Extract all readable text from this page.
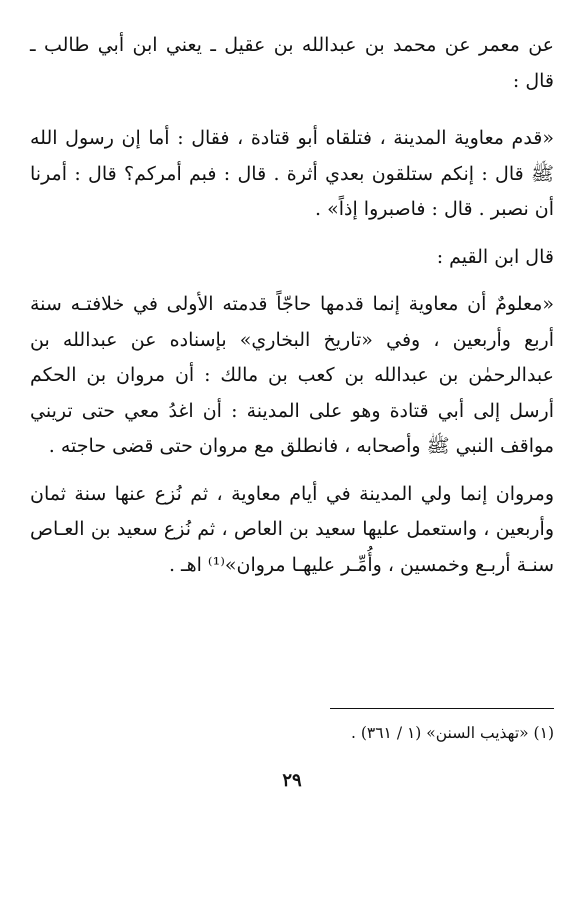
عن معمر عن محمد بن عبدالله بن عقيل ـ يعني ابن أبي طالب ـ قال :

«قدم معاوية المدينة ، فتلقاه أبو قتادة ، فقال : أما إن رسول الله ﷺ قال : إنكم ستلقون بعدي أثرة . قال : فبم أمركم؟ قال : أمرنا أن نصبر . قال : فاصبروا إذاً» .

قال ابن القيم :

«معلومٌ أن معاوية إنما قدمها حاجّاً قدمته الأولى في خلافتـه سنة أربع وأربعين ، وفي «تاريخ البخاري» بإسناده عن عبدالله بن عبدالرحمٰن بن عبدالله بن كعب بن مالك : أن مروان بن الحكم أرسل إلى أبي قتادة وهو على المدينة : أن اغدُ معي حتى تريني مواقف النبي ﷺ وأصحابه ، فانطلق مع مروان حتى قضى حاجته .

ومروان إنما ولي المدينة في أيام معاوية ، ثم نُزع عنها سنة ثمان وأربعين ، واستعمل عليها سعيد بن العاص ، ثم نُزع سعيد بن العـاص سنـة أربـع وخمسين ، وأُمِّـر عليهـا مروان»⁽¹⁾ اهـ .

(١) «تهذيب السنن» (١ / ٣٦١) .
٢٩
